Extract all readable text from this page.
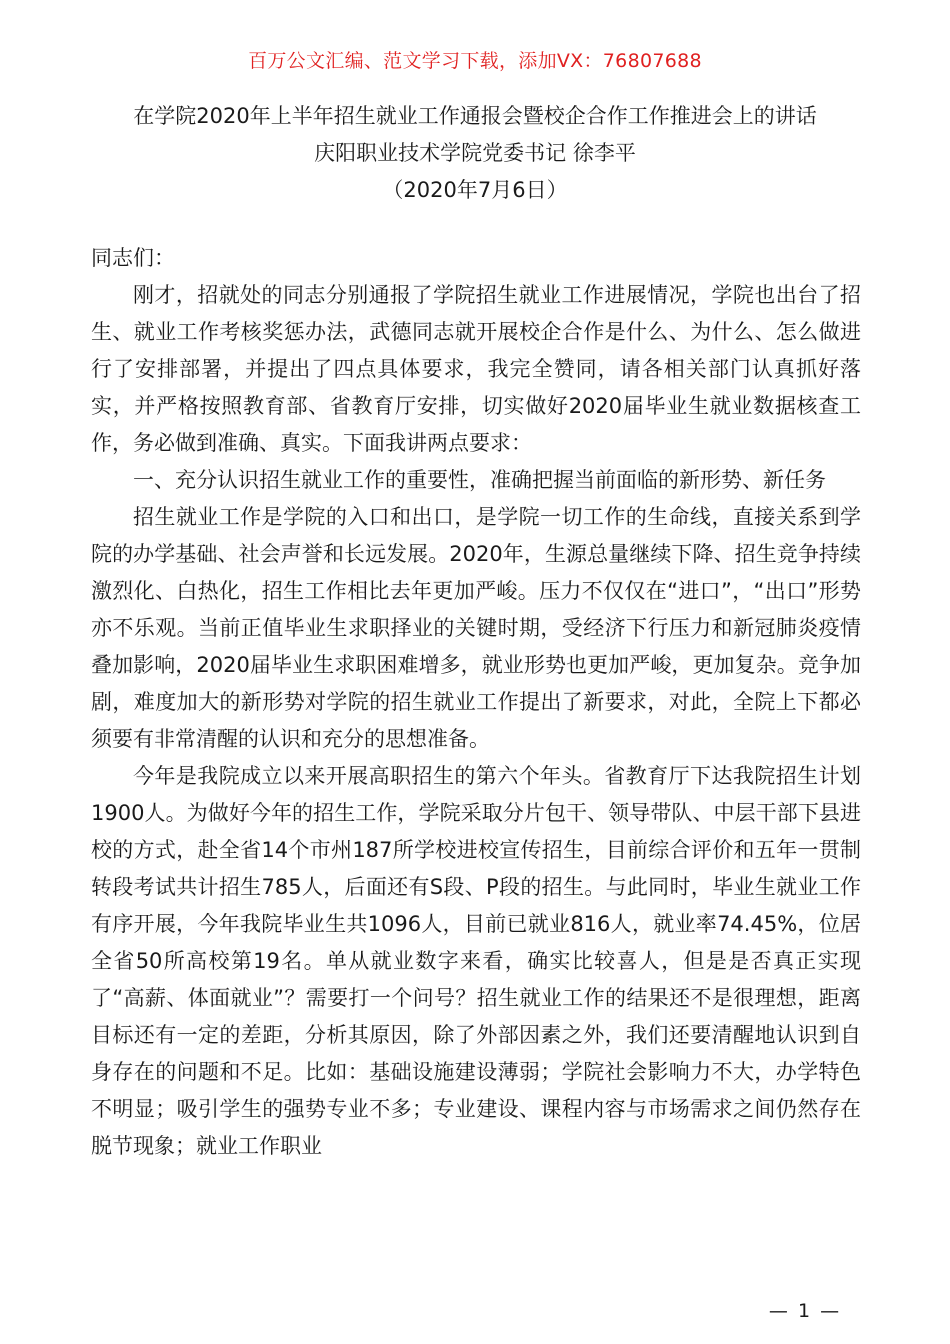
百万公文汇编、范文学习下载，添加VX：76807688
在学院2020年上半年招生就业工作通报会暨校企合作工作推进会上的讲话
庆阳职业技术学院党委书记 徐李平
（2020年7月6日）

同志们：

刚才，招就处的同志分别通报了学院招生就业工作进展情况，学院也出台了招生、就业工作考核奖惩办法，武德同志就开展校企合作是什么、为什么、怎么做进行了安排部署，并提出了四点具体要求，我完全赞同，请各相关部门认真抓好落实，并严格按照教育部、省教育厅安排，切实做好2020届毕业生就业数据核查工作，务必做到准确、真实。下面我讲两点要求：

一、充分认识招生就业工作的重要性，准确把握当前面临的新形势、新任务

招生就业工作是学院的入口和出口，是学院一切工作的生命线，直接关系到学院的办学基础、社会声誉和长远发展。2020年，生源总量继续下降、招生竞争持续激烈化、白热化，招生工作相比去年更加严峻。压力不仅仅在“进口”，“出口”形势亦不乐观。当前正值毕业生求职择业的关键时期，受经济下行压力和新冠肺炎疫情叠加影响，2020届毕业生求职困难增多，就业形势也更加严峻，更加复杂。竞争加剧，难度加大的新形势对学院的招生就业工作提出了新要求，对此，全院上下都必须要有非常清醒的认识和充分的思想准备。

今年是我院成立以来开展高职招生的第六个年头。省教育厅下达我院招生计划1900人。为做好今年的招生工作，学院采取分片包干、领导带队、中层干部下县进校的方式，赴全省14个市州187所学校进校宣传招生，目前综合评价和五年一贯制转段考试共计招生785人，后面还有S段、P段的招生。与此同时，毕业生就业工作有序开展，今年我院毕业生共1096人，目前已就业816人，就业率74.45%，位居全省50所高校第19名。单从就业数字来看，确实比较喜人，但是是否真正实现了“高薪、体面就业”？需要打一个问号？招生就业工作的结果还不是很理想，距离目标还有一定的差距，分析其原因，除了外部因素之外，我们还要清醒地认识到自身存在的问题和不足。比如：基础设施建设薄弱；学院社会影响力不大，办学特色不明显；吸引学生的强势专业不多；专业建设、课程内容与市场需求之间仍然存在脱节现象；就业工作职业

— 1 —
